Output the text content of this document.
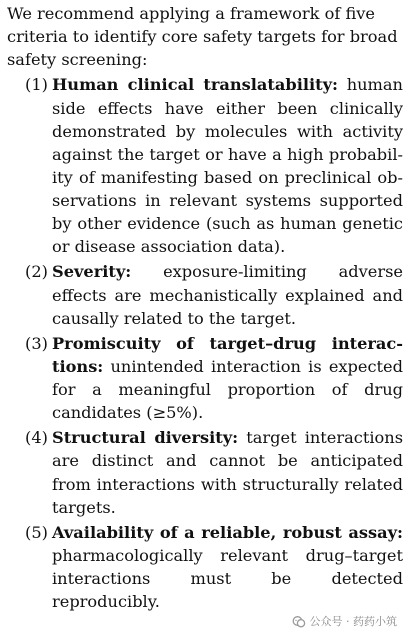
We recommend applying a framework of five criteria to identify core safety targets for broad safety screening:

(1) Human clinical translatability: human side effects have either been clinically demonstrated by molecules with activity against the target or have a high probability of manifesting based on preclinical observations in relevant systems supported by other evidence (such as human genetic or disease association data).
(2) Severity: exposure-limiting adverse effects are mechanistically explained and causally related to the target.
(3) Promiscuity of target–drug interactions: unintended interaction is expected for a meaningful proportion of drug candidates (≥5%).
(4) Structural diversity: target interactions are distinct and cannot be anticipated from interactions with structurally related targets.
(5) Availability of a reliable, robust assay: pharmacologically relevant drug–target interactions must be detected reproducibly.
公众号 · 药药小筑
